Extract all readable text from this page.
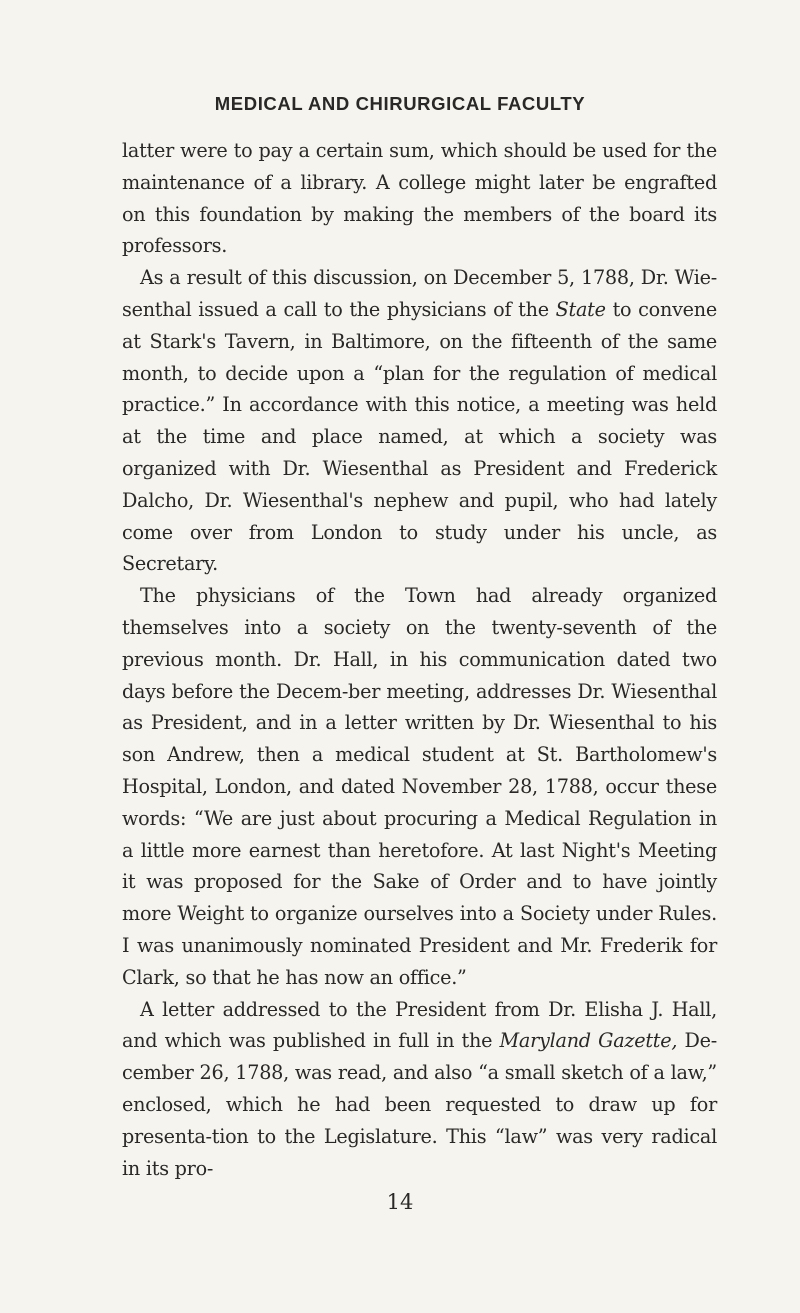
MEDICAL AND CHIRURGICAL FACULTY

latter were to pay a certain sum, which should be used for the maintenance of a library. A college might later be engrafted on this foundation by making the members of the board its professors.

As a result of this discussion, on December 5, 1788, Dr. Wie-senthal issued a call to the physicians of the State to convene at Stark's Tavern, in Baltimore, on the fifteenth of the same month, to decide upon a “plan for the regulation of medical practice.” In accordance with this notice, a meeting was held at the time and place named, at which a society was organized with Dr. Wiesenthal as President and Frederick Dalcho, Dr. Wiesenthal's nephew and pupil, who had lately come over from London to study under his uncle, as Secretary.

The physicians of the Town had already organized themselves into a society on the twenty-seventh of the previous month. Dr. Hall, in his communication dated two days before the Decem-ber meeting, addresses Dr. Wiesenthal as President, and in a letter written by Dr. Wiesenthal to his son Andrew, then a medical student at St. Bartholomew's Hospital, London, and dated November 28, 1788, occur these words: “We are just about procuring a Medical Regulation in a little more earnest than heretofore. At last Night's Meeting it was proposed for the Sake of Order and to have jointly more Weight to organize ourselves into a Society under Rules. I was unanimously nominated President and Mr. Frederik for Clark, so that he has now an office.”

A letter addressed to the President from Dr. Elisha J. Hall, and which was published in full in the Maryland Gazette, De-cember 26, 1788, was read, and also “a small sketch of a law,” enclosed, which he had been requested to draw up for presenta-tion to the Legislature. This “law” was very radical in its pro-

14
